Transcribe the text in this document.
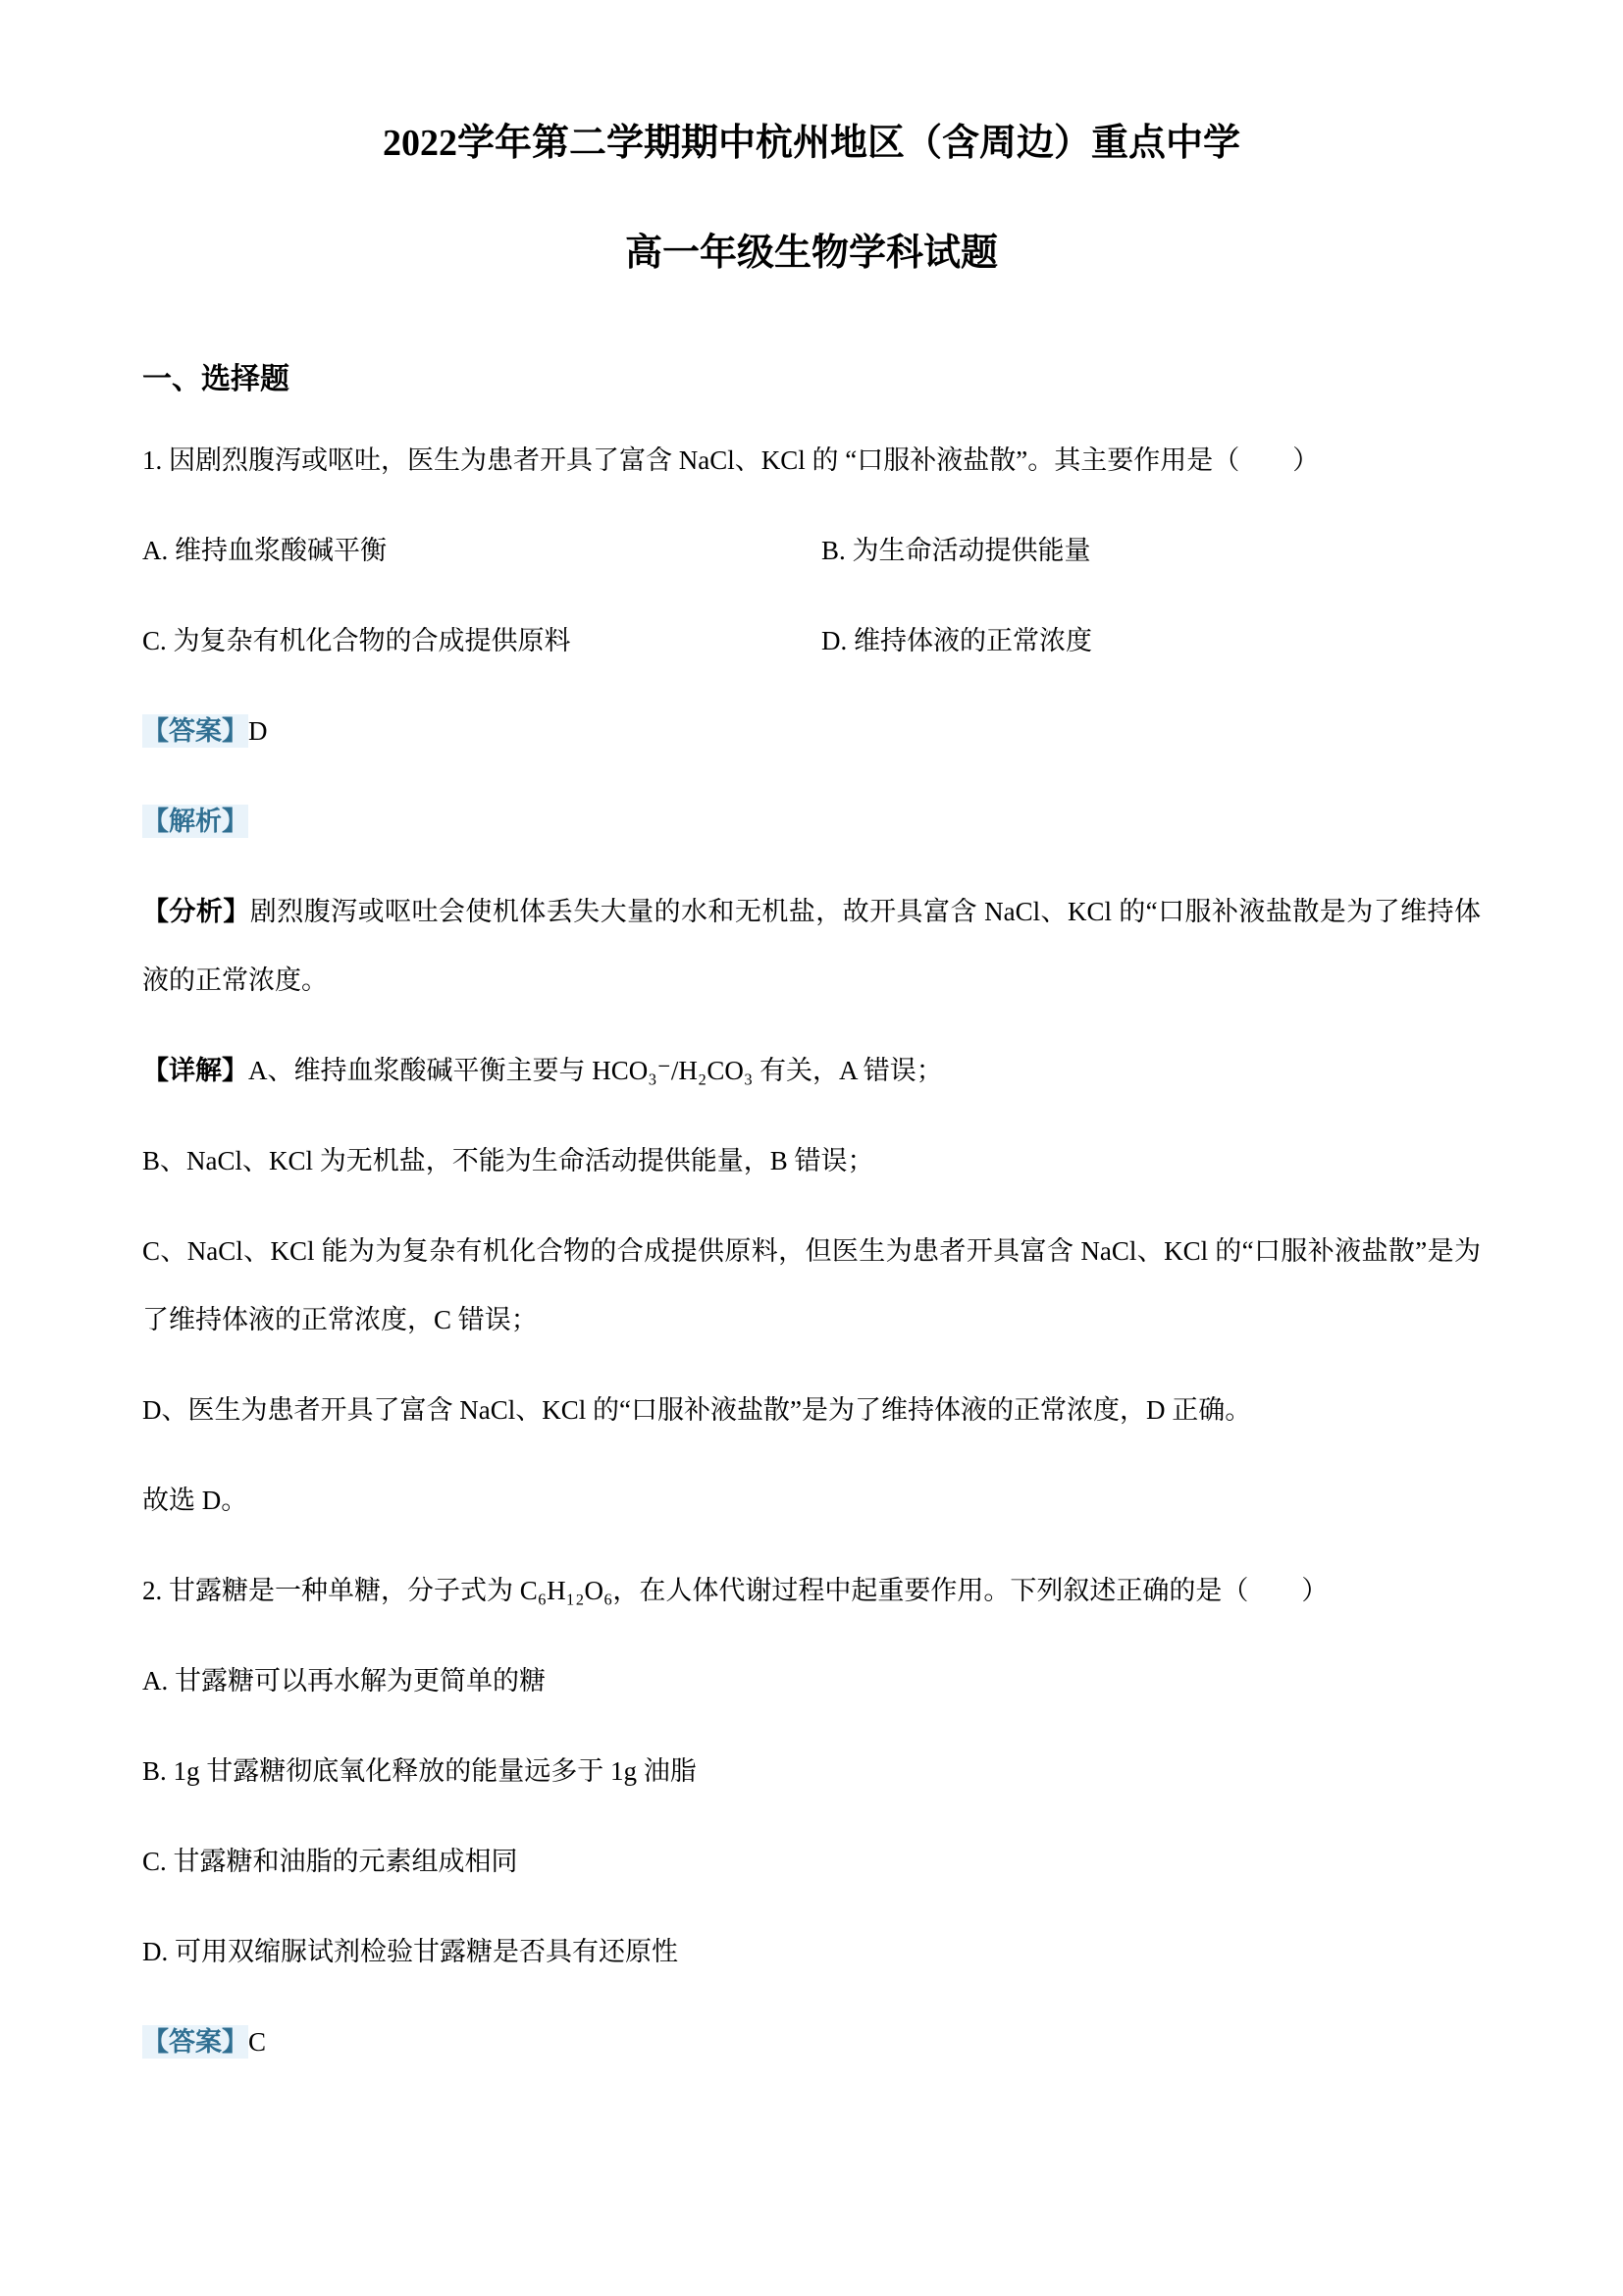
2022学年第二学期期中杭州地区（含周边）重点中学
高一年级生物学科试题
一、选择题

1. 因剧烈腹泻或呕吐，医生为患者开具了富含 NaCl、KCl 的 “口服补液盐散”。其主要作用是（　　）

A. 维持血浆酸碱平衡	B. 为生命活动提供能量
C. 为复杂有机化合物的合成提供原料	D. 维持体液的正常浓度

【答案】D

【解析】

【分析】剧烈腹泻或呕吐会使机体丢失大量的水和无机盐，故开具富含 NaCl、KCl 的“口服补液盐散是为了维持体液的正常浓度。

【详解】A、维持血浆酸碱平衡主要与 HCO₃⁻/H₂CO₃ 有关，A 错误；

B、NaCl、KCl 为无机盐，不能为生命活动提供能量，B 错误；

C、NaCl、KCl 能为为复杂有机化合物的合成提供原料，但医生为患者开具富含 NaCl、KCl 的“口服补液盐散”是为了维持体液的正常浓度，C 错误；

D、医生为患者开具了富含 NaCl、KCl 的“口服补液盐散”是为了维持体液的正常浓度，D 正确。

故选 D。

2. 甘露糖是一种单糖，分子式为 C₆H₁₂O₆，在人体代谢过程中起重要作用。下列叙述正确的是（　　）

A. 甘露糖可以再水解为更简单的糖

B. 1g 甘露糖彻底氧化释放的能量远多于 1g 油脂

C. 甘露糖和油脂的元素组成相同

D. 可用双缩脲试剂检验甘露糖是否具有还原性

【答案】C
